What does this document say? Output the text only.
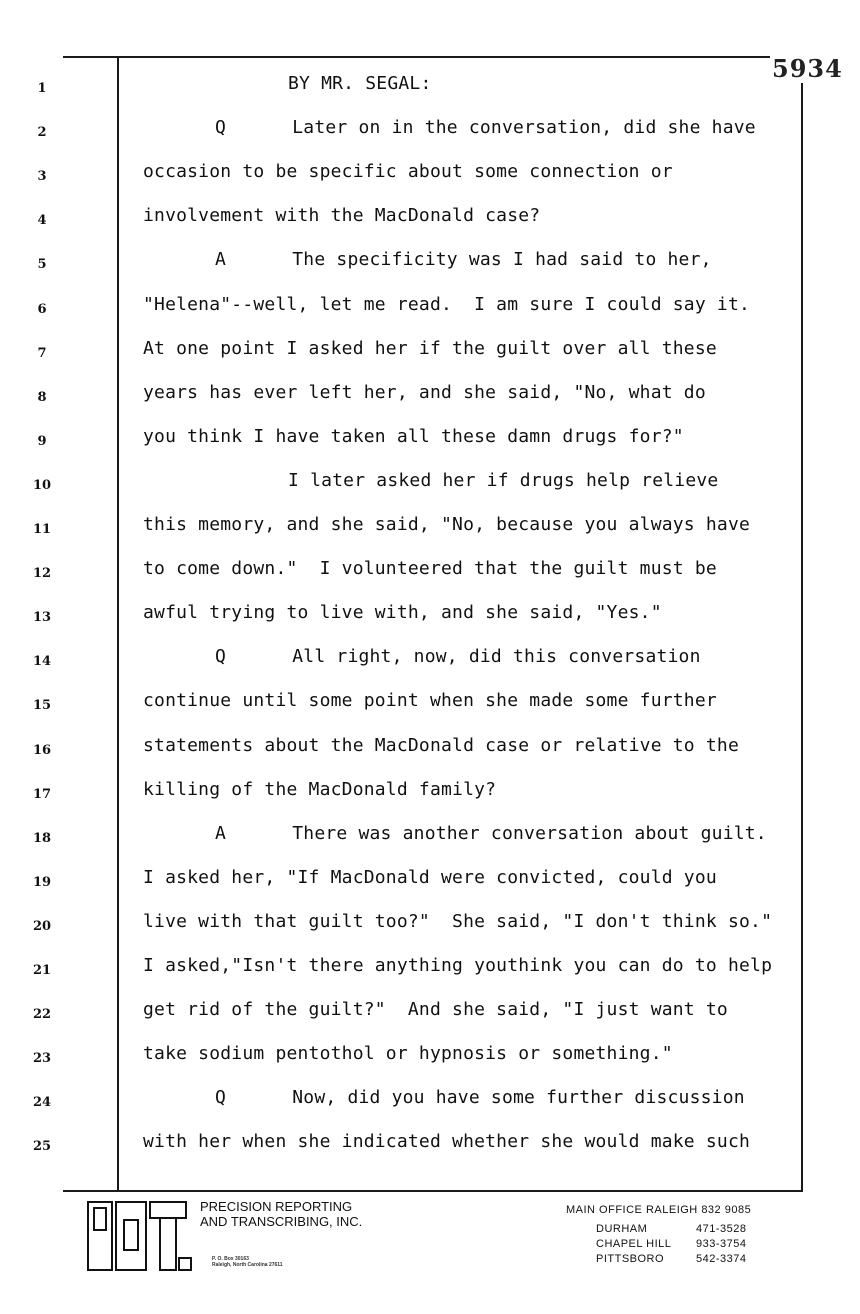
5934
1	BY MR. SEGAL:
2	Q      Later on in the conversation, did she have
3	occasion to be specific about some connection or
4	involvement with the MacDonald case?
5	A      The specificity was I had said to her,
6	"Helena"--well, let me read.  I am sure I could say it.
7	At one point I asked her if the guilt over all these
8	years has ever left her, and she said, "No, what do
9	you think I have taken all these damn drugs for?"
10	I later asked her if drugs help relieve
11	this memory, and she said, "No, because you always have
12	to come down."  I volunteered that the guilt must be
13	awful trying to live with, and she said, "Yes."
14	Q      All right, now, did this conversation
15	continue until some point when she made some further
16	statements about the MacDonald case or relative to the
17	killing of the MacDonald family?
18	A      There was another conversation about guilt.
19	I asked her, "If MacDonald were convicted, could you
20	live with that guilt too?"  She said, "I don't think so."
21	I asked,"Isn't there anything youthink you can do to help
22	get rid of the guilt?"  And she said, "I just want to
23	take sodium pentothol or hypnosis or something."
24	Q      Now, did you have some further discussion
25	with her when she indicated whether she would make such
PRECISION REPORTING
AND TRANSCRIBING, INC.
P. O. Box 30163
Raleigh, North Carolina 27611
MAIN OFFICE RALEIGH 832 9085
DURHAM	471-3528
CHAPEL HILL 933-3754
PITTSBORO	542-3374
